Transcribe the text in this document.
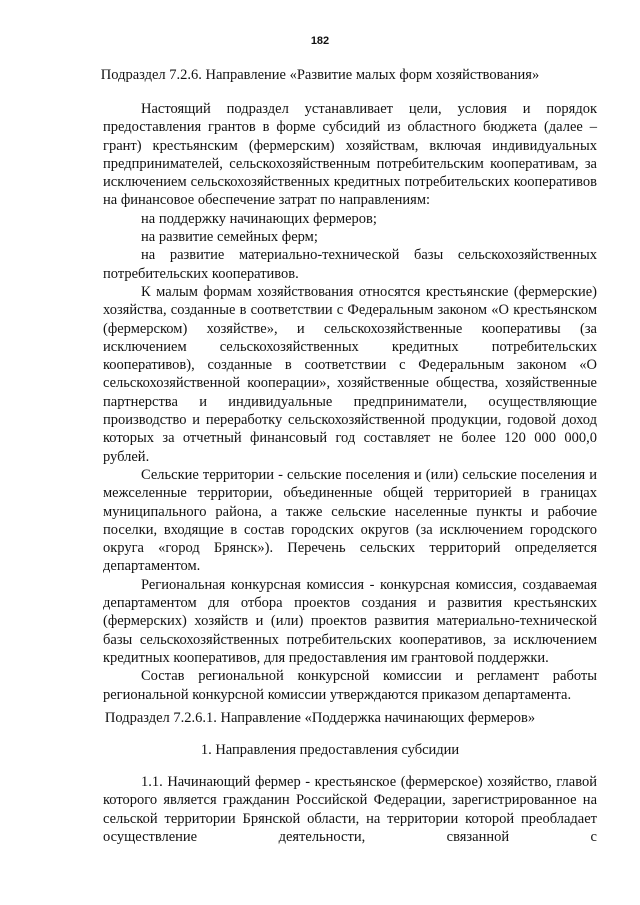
182
Подраздел 7.2.6. Направление «Развитие малых форм хозяйствования»

Настоящий подраздел устанавливает цели, условия и порядок предоставления грантов в форме субсидий из областного бюджета (далее – грант) крестьянским (фермерским) хозяйствам, включая индивидуальных предпринимателей, сельскохозяйственным потребительским кооперативам, за исключением сельскохозяйственных кредитных потребительских кооперативов на финансовое обеспечение затрат по направлениям:

на поддержку начинающих фермеров;

на развитие семейных ферм;

на развитие материально-технической базы сельскохозяйственных потребительских кооперативов.

К малым формам хозяйствования относятся крестьянские (фермерские) хозяйства, созданные в соответствии с Федеральным законом «О крестьянском (фермерском) хозяйстве», и сельскохозяйственные кооперативы (за исключением сельскохозяйственных кредитных потребительских кооперативов), созданные в соответствии с Федеральным законом «О сельскохозяйственной кооперации», хозяйственные общества, хозяйственные партнерства и индивидуальные предприниматели, осуществляющие производство и переработку сельскохозяйственной продукции, годовой доход которых за отчетный финансовый год составляет не более 120 000 000,0 рублей.

Сельские территории - сельские поселения и (или) сельские поселения и межселенные территории, объединенные общей территорией в границах муниципального района, а также сельские населенные пункты и рабочие поселки, входящие в состав городских округов (за исключением городского округа «город Брянск»). Перечень сельских территорий определяется департаментом.

Региональная конкурсная комиссия - конкурсная комиссия, создаваемая департаментом для отбора проектов создания и развития крестьянских (фермерских) хозяйств и (или) проектов развития материально-технической базы сельскохозяйственных потребительских кооперативов, за исключением кредитных кооперативов, для предоставления им грантовой поддержки.

Состав региональной конкурсной комиссии и регламент работы региональной конкурсной комиссии утверждаются приказом департамента.

Подраздел 7.2.6.1. Направление «Поддержка начинающих фермеров»
1. Направления предоставления субсидии

1.1. Начинающий фермер - крестьянское (фермерское) хозяйство, главой которого является гражданин Российской Федерации, зарегистрированное на сельской территории Брянской области, на территории которой преобладает осуществление деятельности, связанной с
